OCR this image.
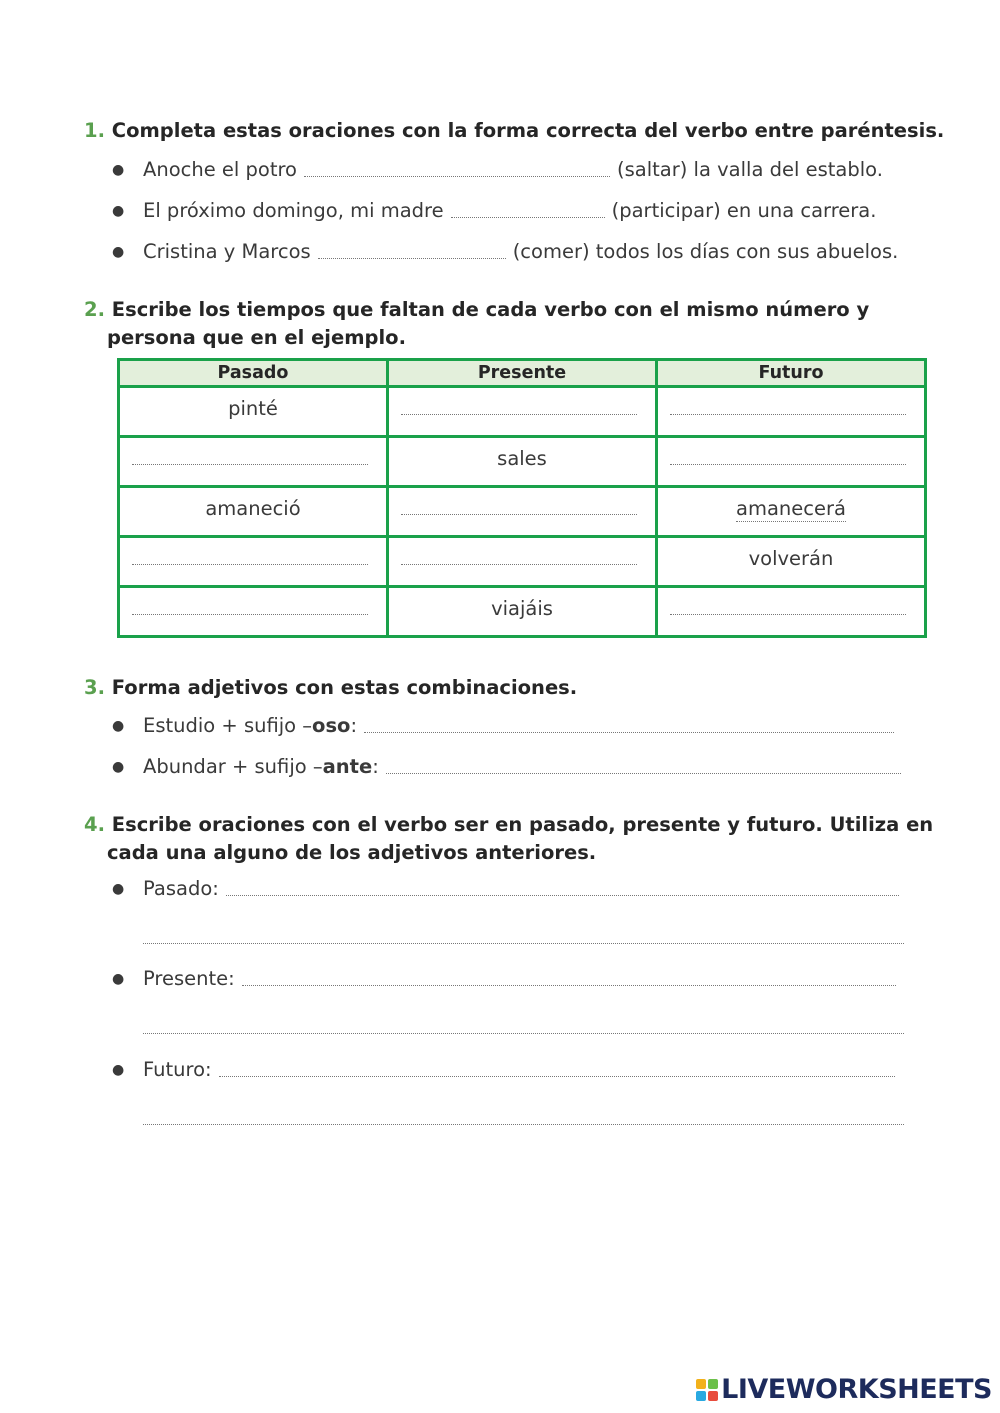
1. Completa estas oraciones con la forma correcta del verbo entre paréntesis.
● Anoche el potro	(saltar) la valla del establo.
● El próximo domingo, mi madre	(participar) en una carrera.
● Cristina y Marcos	(comer) todos los días con sus abuelos.
2. Escribe los tiempos que faltan de cada verbo con el mismo número y
persona que en el ejemplo.
Pasado	Presente	Futuro

pinté		

	sales	

amaneció		amanecerá

		volverán

	viajáis	

3. Forma adjetivos con estas combinaciones.
● Estudio + sufijo – oso :
● Abundar + sufijo – ante :
4. Escribe oraciones con el verbo ser en pasado, presente y futuro. Utiliza en
cada una alguno de los adjetivos anteriores.
● Pasado:
● Presente:
● Futuro:
LIVEWORKSHEETS
